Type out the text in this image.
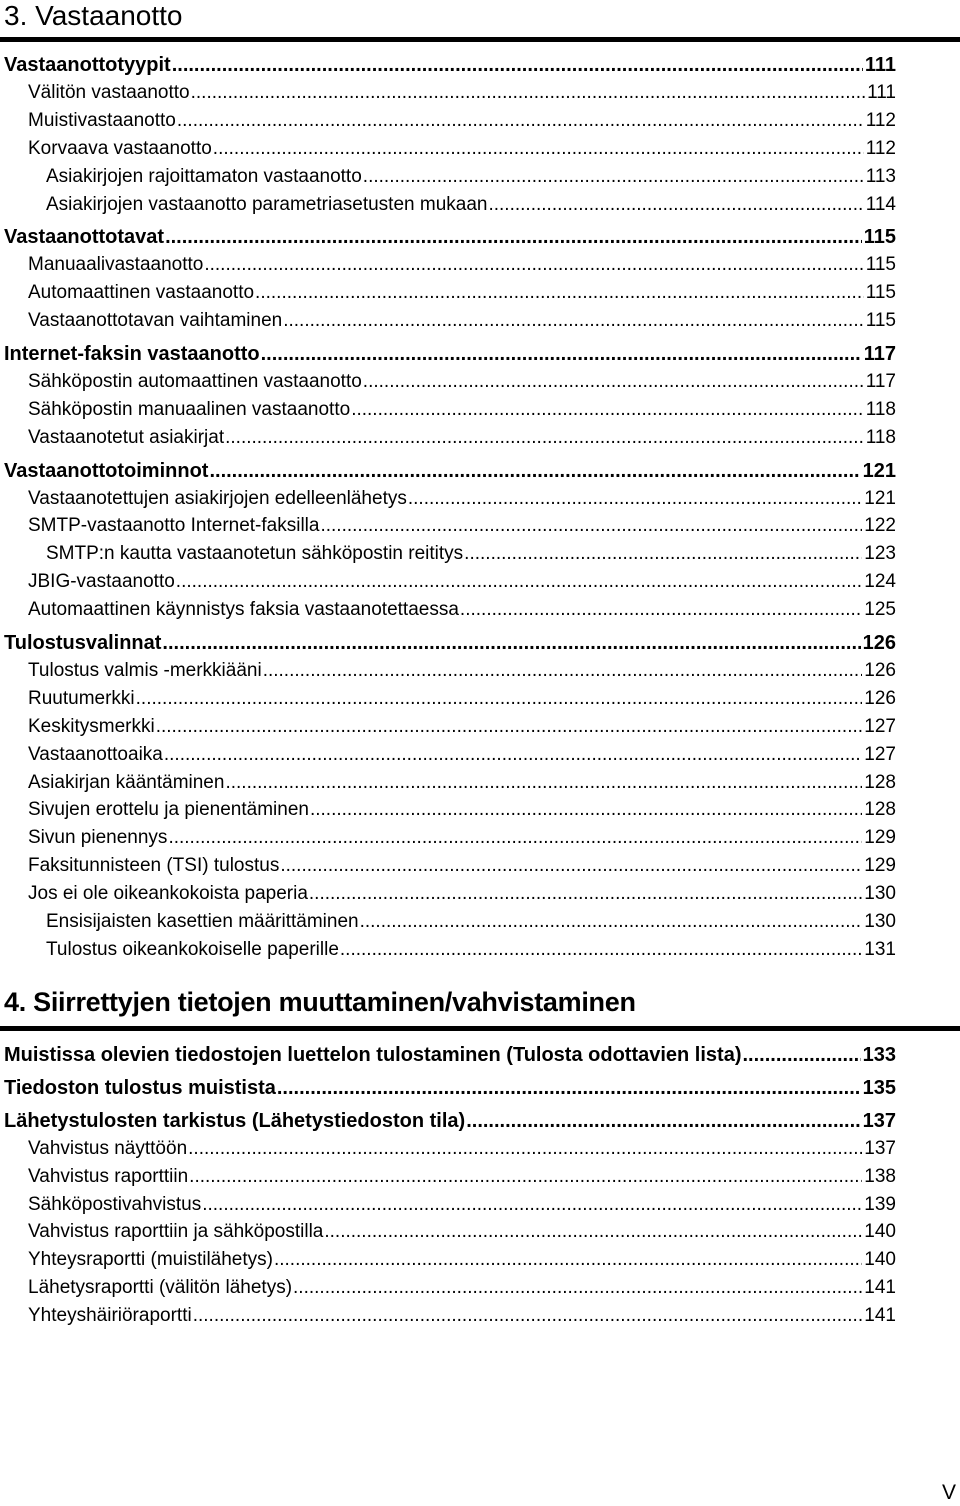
3. Vastaanotto
Vastaanottotyypit .....	111
Välitön vastaanotto .....	111
Muistivastaanotto .....	112
Korvaava vastaanotto .....	112
Asiakirjojen rajoittamaton vastaanotto .....	113
Asiakirjojen vastaanotto parametriasetusten mukaan .....	114
Vastaanottotavat .....	115
Manuaalivastaanotto .....	115
Automaattinen vastaanotto .....	115
Vastaanottotavan vaihtaminen .....	115
Internet-faksin vastaanotto .....	117
Sähköpostin automaattinen vastaanotto .....	117
Sähköpostin manuaalinen vastaanotto .....	118
Vastaanotetut asiakirjat .....	118
Vastaanottotoiminnot .....	121
Vastaanotettujen asiakirjojen edelleenlähetys .....	121
SMTP-vastaanotto Internet-faksilla .....	122
SMTP:n kautta vastaanotetun sähköpostin reititys .....	123
JBIG-vastaanotto .....	124
Automaattinen käynnistys faksia vastaanotettaessa .....	125
Tulostusvalinnat .....	126
Tulostus valmis -merkkiääni .....	126
Ruutumerkki .....	126
Keskitysmerkki .....	127
Vastaanottoaika .....	127
Asiakirjan kääntäminen .....	128
Sivujen erottelu ja pienentäminen .....	128
Sivun pienennys .....	129
Faksitunnisteen (TSI) tulostus .....	129
Jos ei ole oikeankokoista paperia .....	130
Ensisijaisten kasettien määrittäminen .....	130
Tulostus oikeankokoiselle paperille .....	131
4. Siirrettyjen tietojen muuttaminen/vahvistaminen
Muistissa olevien tiedostojen luettelon tulostaminen (Tulosta odottavien lista) .....	133
Tiedoston tulostus muistista .....	135
Lähetystulosten tarkistus (Lähetystiedoston tila) .....	137
Vahvistus näyttöön .....	137
Vahvistus raporttiin .....	138
Sähköpostivahvistus .....	139
Vahvistus raporttiin ja sähköpostilla .....	140
Yhteysraportti (muistilähetys) .....	140
Lähetysraportti (välitön lähetys) .....	141
Yhteyshäiriöraportti .....	141
V
